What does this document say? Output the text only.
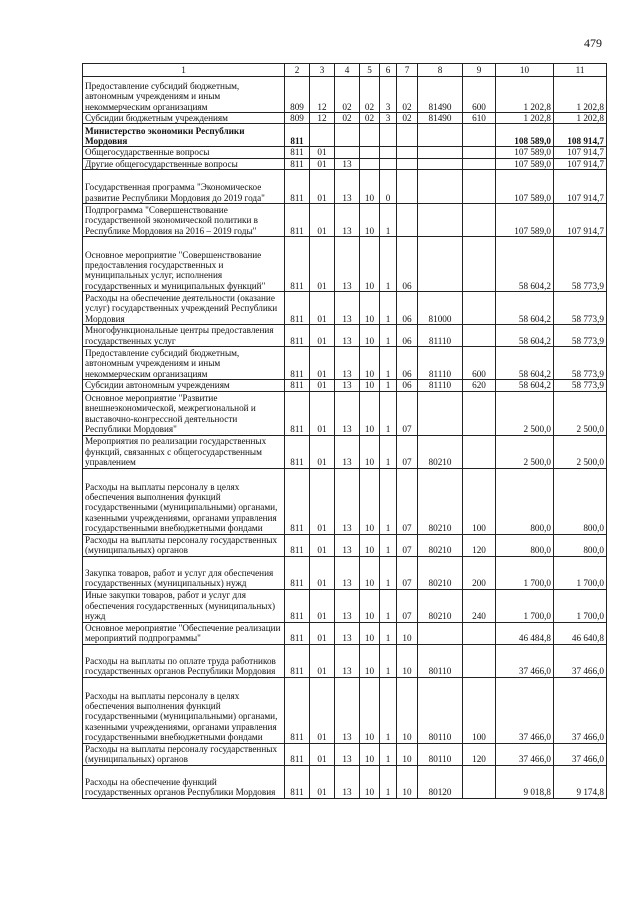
479
1	2	3	4	5	6	7	8	9	10	11
Предоставление субсидий бюджетным, автономным учреждениям и иным некоммерческим организациям	809	12	02	02	3	02	81490	600	1 202,8	1 202,8
Субсидии бюджетным учреждениям	809	12	02	02	3	02	81490	610	1 202,8	1 202,8
Министерство экономики Республики Мордовия	811								108 589,0	108 914,7
Общегосударственные вопросы	811	01							107 589,0	107 914,7
Другие общегосударственные вопросы	811	01	13						107 589,0	107 914,7
Государственная программа "Экономическое развитие Республики Мордовия до 2019 года"	811	01	13	10	0				107 589,0	107 914,7
Подпрограмма "Совершенствование государственной экономической политики в Республике Мордовия на 2016 – 2019 годы"	811	01	13	10	1				107 589,0	107 914,7
Основное мероприятие "Совершенствование предоставления государственных и муниципальных услуг, исполнения государственных и муниципальных функций"	811	01	13	10	1	06			58 604,2	58 773,9
Расходы на обеспечение деятельности (оказание услуг) государственных учреждений Республики Мордовия	811	01	13	10	1	06	81000		58 604,2	58 773,9
Многофункциональные центры предоставления государственных услуг	811	01	13	10	1	06	81110		58 604,2	58 773,9
Предоставление субсидий бюджетным, автономным учреждениям и иным некоммерческим организациям	811	01	13	10	1	06	81110	600	58 604,2	58 773,9
Субсидии автономным учреждениям	811	01	13	10	1	06	81110	620	58 604,2	58 773,9
Основное мероприятие "Развитие внешнеэкономической, межрегиональной и выставочно-конгрессной деятельности Республики Мордовия"	811	01	13	10	1	07			2 500,0	2 500,0
Мероприятия по реализации государственных функций, связанных с общегосударственным управлением	811	01	13	10	1	07	80210		2 500,0	2 500,0
Расходы на выплаты персоналу в целях обеспечения выполнения функций государственными (муниципальными) органами, казенными учреждениями, органами управления государственными внебюджетными фондами	811	01	13	10	1	07	80210	100	800,0	800,0
Расходы на выплаты персоналу государственных (муниципальных) органов	811	01	13	10	1	07	80210	120	800,0	800,0
Закупка товаров, работ и услуг для обеспечения государственных (муниципальных) нужд	811	01	13	10	1	07	80210	200	1 700,0	1 700,0
Иные закупки товаров, работ и услуг для обеспечения государственных (муниципальных) нужд	811	01	13	10	1	07	80210	240	1 700,0	1 700,0
Основное мероприятие "Обеспечение реализации мероприятий подпрограммы"	811	01	13	10	1	10			46 484,8	46 640,8
Расходы на выплаты по оплате труда работников государственных органов Республики Мордовия	811	01	13	10	1	10	80110		37 466,0	37 466,0
Расходы на выплаты персоналу в целях обеспечения выполнения функций государственными (муниципальными) органами, казенными учреждениями, органами управления государственными внебюджетными фондами	811	01	13	10	1	10	80110	100	37 466,0	37 466,0
Расходы на выплаты персоналу государственных (муниципальных) органов	811	01	13	10	1	10	80110	120	37 466,0	37 466,0
Расходы на обеспечение функций государственных органов Республики Мордовия	811	01	13	10	1	10	80120		9 018,8	9 174,8
